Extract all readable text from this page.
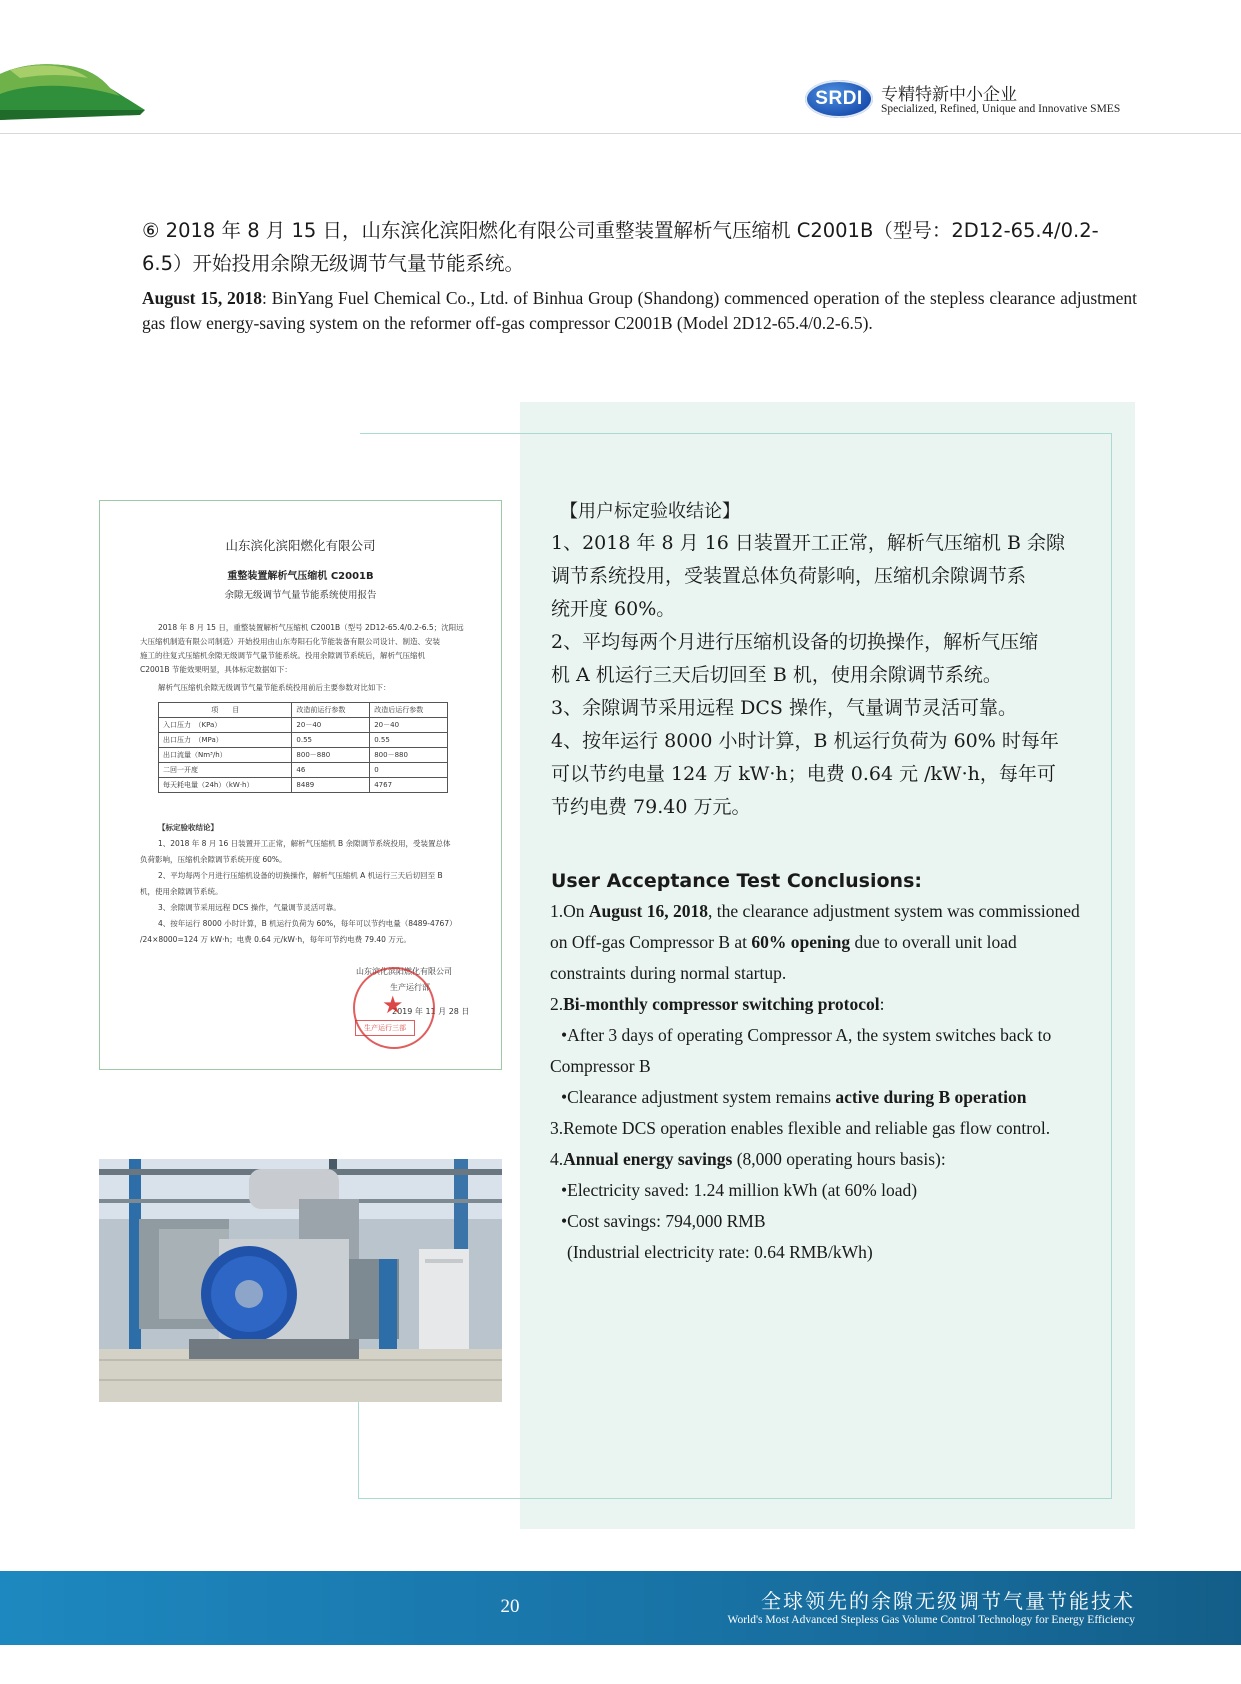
SRDI	专精特新中小企业
Specialized, Refined, Unique and Innovative SMES
⑥ 2018 年 8 月 15 日，山东滨化滨阳燃化有限公司重整装置解析气压缩机 C2001B（型号：2D12-65.4/0.2-6.5）开始投用余隙无级调节气量节能系统。
August 15, 2018: BinYang Fuel Chemical Co., Ltd. of Binhua Group (Shandong) commenced operation of the stepless clearance adjustment gas flow energy-saving system on the reformer off-gas compressor C2001B (Model 2D12-65.4/0.2-6.5).
山东滨化滨阳燃化有限公司
重整装置解析气压缩机 C2001B
余隙无级调节气量节能系统使用报告
2018 年 8 月 15 日，重整装置解析气压缩机 C2001B（型号 2D12-65.4/0.2-6.5；沈阳远
大压缩机制造有限公司制造）开始投用由山东寿阳石化节能装备有限公司设计、制造、安装
施工的往复式压缩机余隙无级调节气量节能系统。投用余隙调节系统后，解析气压缩机
C2001B 节能效果明显，具体标定数据如下：
解析气压缩机余隙无级调节气量节能系统投用前后主要参数对比如下：
项　　目	改造前运行参数	改造后运行参数
入口压力　（KPa）	20－40	20－40
出口压力　（MPa）	0.55	0.55
出口流量（Nm³/h）	800－880	800－880
二回一开度	46	0
每天耗电量（24h）（kW·h）	8489	4767
【标定验收结论】
1、2018 年 8 月 16 日装置开工正常，解析气压缩机 B 余隙调节系统投用，受装置总体
负荷影响，压缩机余隙调节系统开度 60%。
2、平均每两个月进行压缩机设备的切换操作，解析气压缩机 A 机运行三天后切回至 B
机，使用余隙调节系统。
3、余隙调节采用远程 DCS 操作，气量调节灵活可靠。
4、按年运行 8000 小时计算，B 机运行负荷为 60%，每年可以节约电量（8489-4767）
/24×8000=124 万 kW·h；电费 0.64 元/kW·h，每年可节约电费 79.40 万元。
山东滨化滨阳燃化有限公司
生产运行部
2019 年 11 月 28 日
★
生产运行三部
【用户标定验收结论】
1、2018 年 8 月 16 日装置开工正常，解析气压缩机 B 余隙
调节系统投用，受装置总体负荷影响，压缩机余隙调节系
统开度 60%。
2、平均每两个月进行压缩机设备的切换操作，解析气压缩
机 A 机运行三天后切回至 B 机，使用余隙调节系统。
3、余隙调节采用远程 DCS 操作，气量调节灵活可靠。
4、按年运行 8000 小时计算，B 机运行负荷为 60% 时每年
可以节约电量 124 万 kW·h；电费 0.64 元 /kW·h，每年可
节约电费 79.40 万元。
User Acceptance Test Conclusions:
1.On August 16, 2018, the clearance adjustment system was commissioned
on Off-gas Compressor B at 60% opening due to overall unit load
constraints during normal startup.
2.Bi-monthly compressor switching protocol:
•After 3 days of operating Compressor A, the system switches back to
Compressor B
•Clearance adjustment system remains active during B operation
3.Remote DCS operation enables flexible and reliable gas flow control.
4.Annual energy savings (8,000 operating hours basis):
•Electricity saved: 1.24 million kWh (at 60% load)
•Cost savings: 794,000 RMB
(Industrial electricity rate: 0.64 RMB/kWh)
20	全球领先的余隙无级调节气量节能技术
World's Most Advanced Stepless Gas Volume Control Technology for Energy Efficiency
